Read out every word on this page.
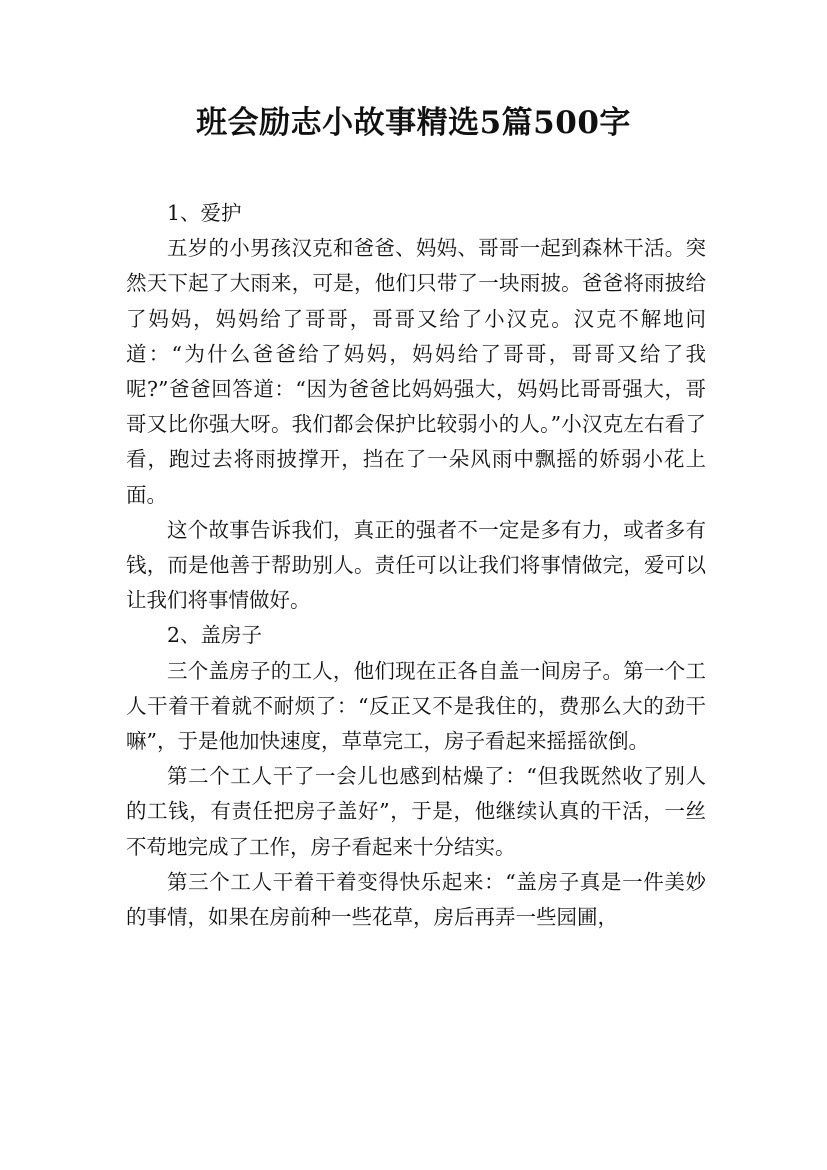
班会励志小故事精选5篇500字

1、爱护

五岁的小男孩汉克和爸爸、妈妈、哥哥一起到森林干活。突然天下起了大雨来，可是，他们只带了一块雨披。爸爸将雨披给了妈妈，妈妈给了哥哥，哥哥又给了小汉克。汉克不解地问道：“为什么爸爸给了妈妈，妈妈给了哥哥，哥哥又给了我呢?”爸爸回答道：“因为爸爸比妈妈强大，妈妈比哥哥强大，哥哥又比你强大呀。我们都会保护比较弱小的人。”小汉克左右看了看，跑过去将雨披撑开，挡在了一朵风雨中飘摇的娇弱小花上面。

这个故事告诉我们，真正的强者不一定是多有力，或者多有钱，而是他善于帮助别人。责任可以让我们将事情做完，爱可以让我们将事情做好。

2、盖房子

三个盖房子的工人，他们现在正各自盖一间房子。第一个工人干着干着就不耐烦了：“反正又不是我住的，费那么大的劲干嘛”，于是他加快速度，草草完工，房子看起来摇摇欲倒。

第二个工人干了一会儿也感到枯燥了：“但我既然收了别人的工钱，有责任把房子盖好”，于是，他继续认真的干活，一丝不苟地完成了工作，房子看起来十分结实。

第三个工人干着干着变得快乐起来：“盖房子真是一件美妙的事情，如果在房前种一些花草，房后再弄一些园圃，
